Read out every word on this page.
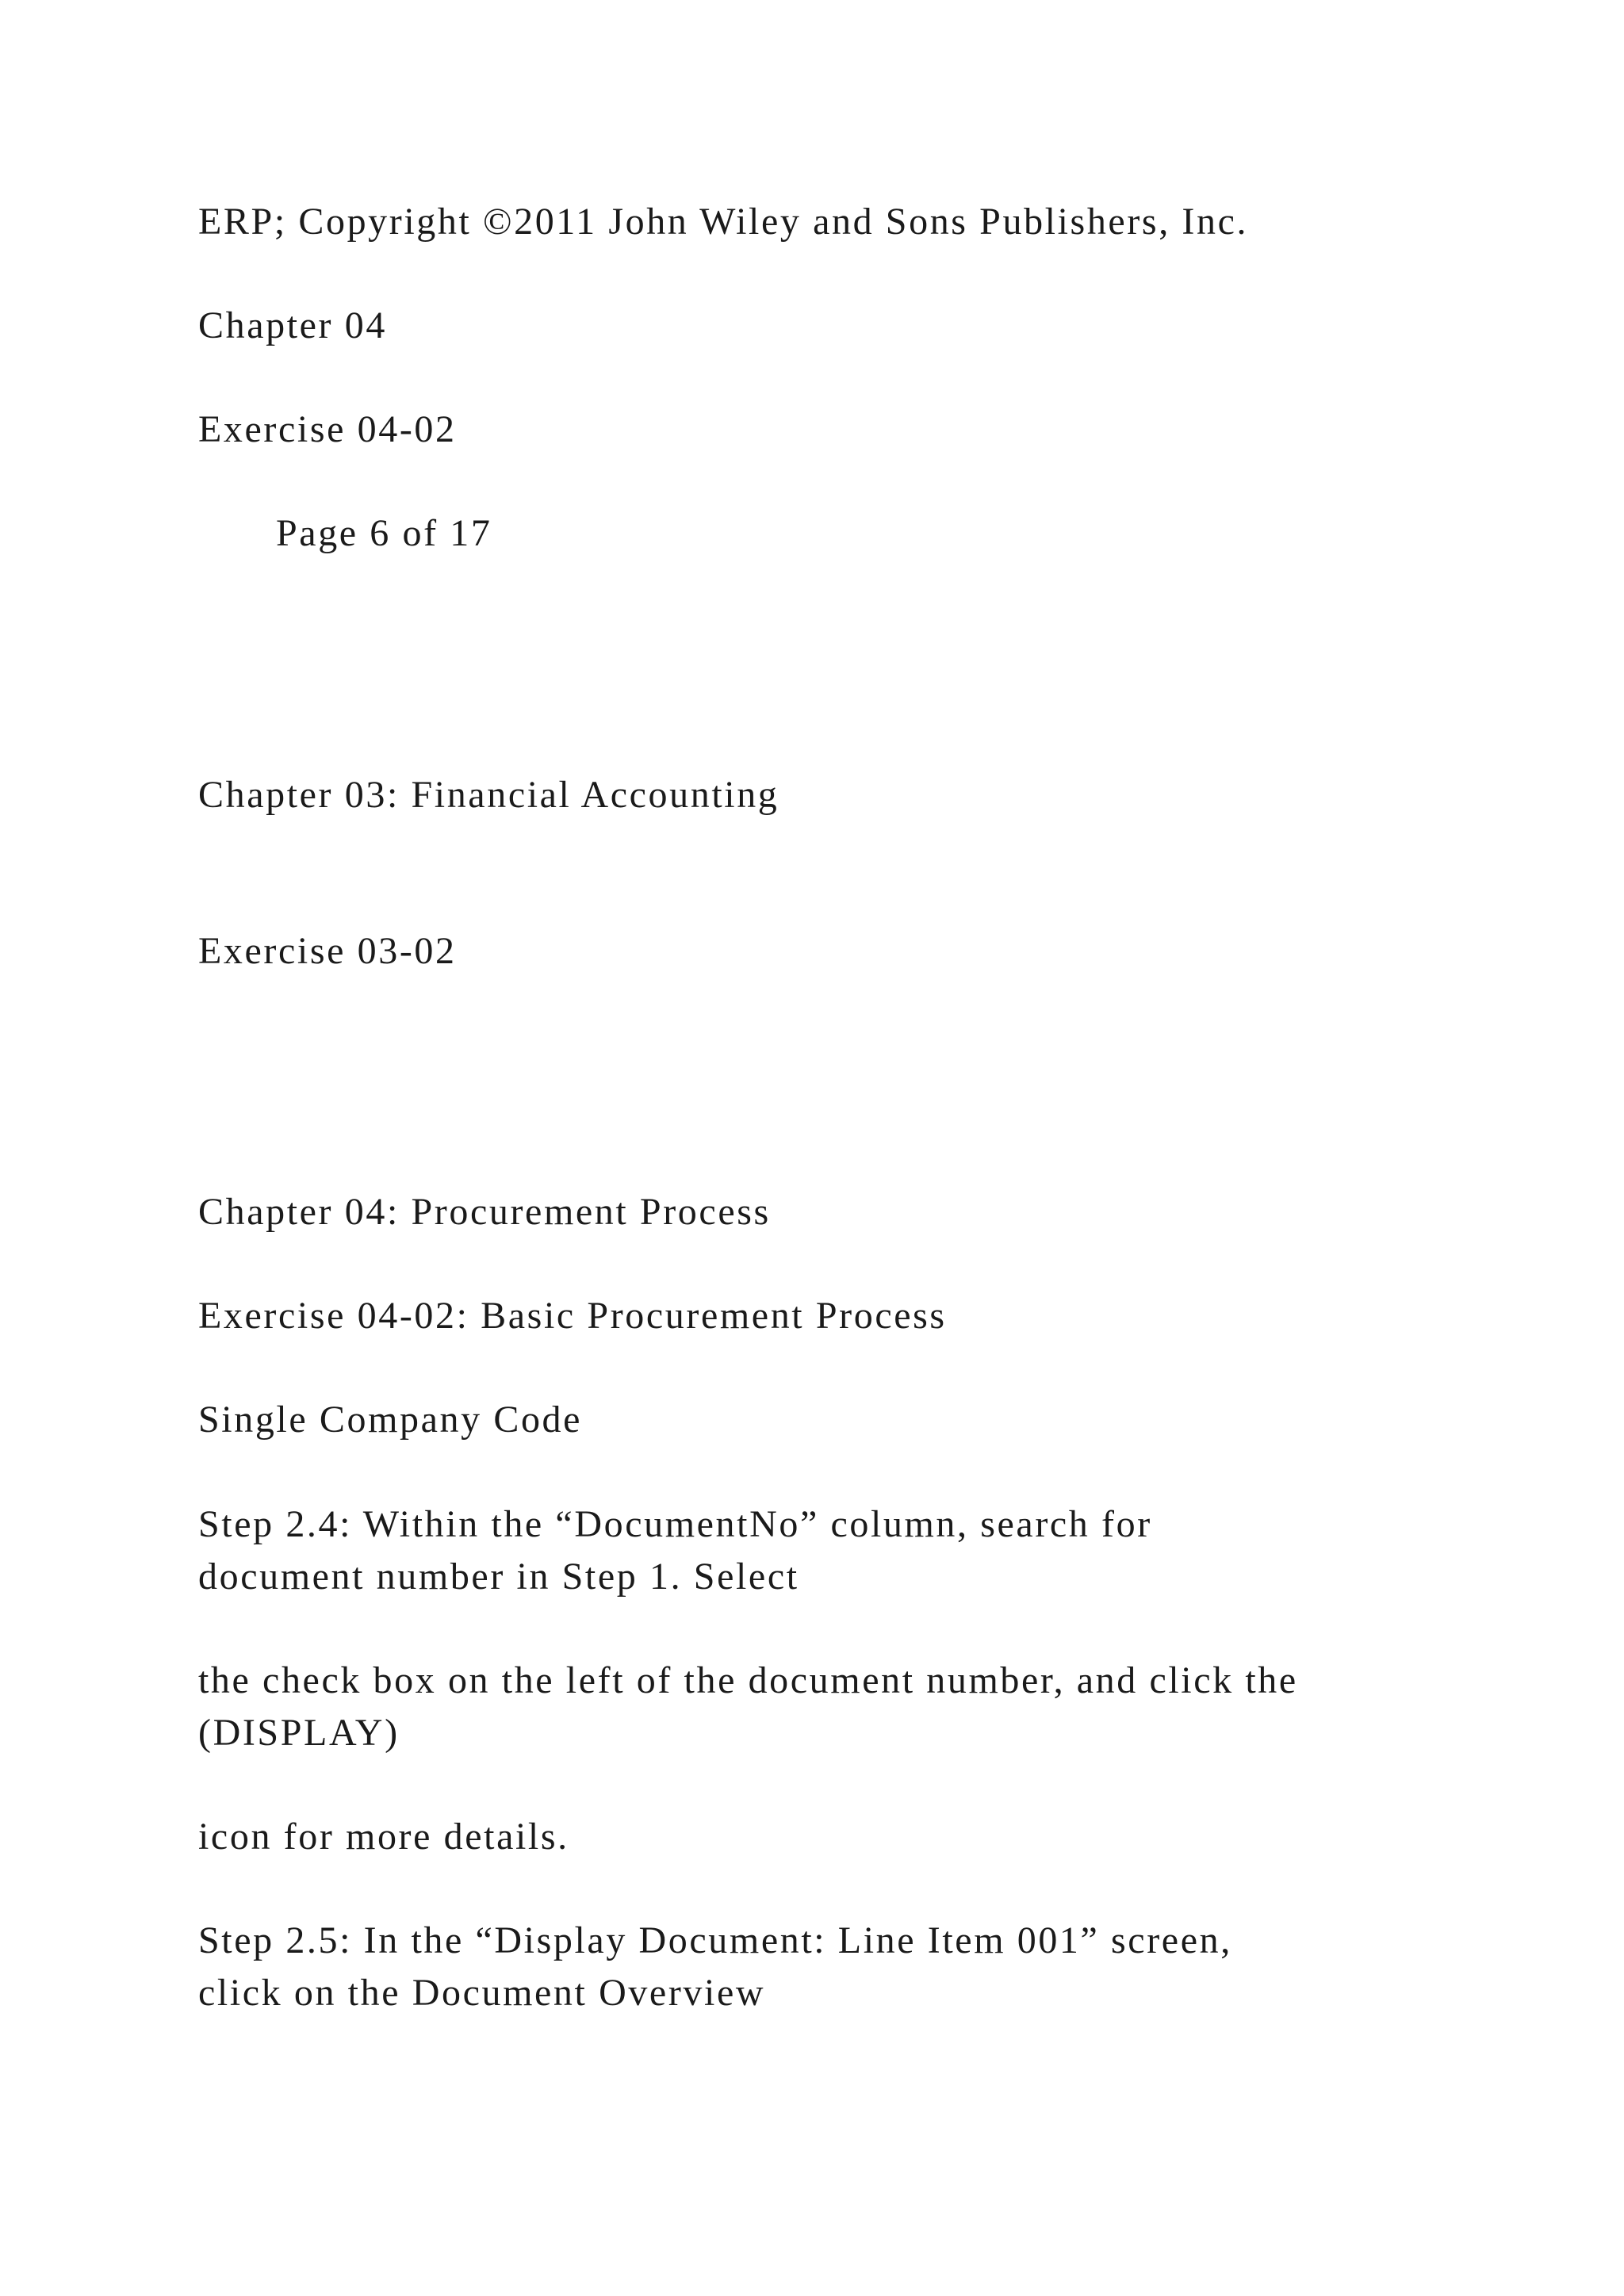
ERP; Copyright ©2011 John Wiley and Sons Publishers, Inc.

Chapter 04

Exercise 04-02

Page 6 of 17

Chapter 03: Financial Accounting

Exercise 03-02

Chapter 04: Procurement Process

Exercise 04-02: Basic Procurement Process

Single Company Code

Step 2.4: Within the “DocumentNo” column, search for

document number in Step 1. Select

the check box on the left of the document number, and click the

(DISPLAY)

icon for more details.

Step 2.5: In the “Display Document: Line Item 001” screen,

click on the Document Overview
